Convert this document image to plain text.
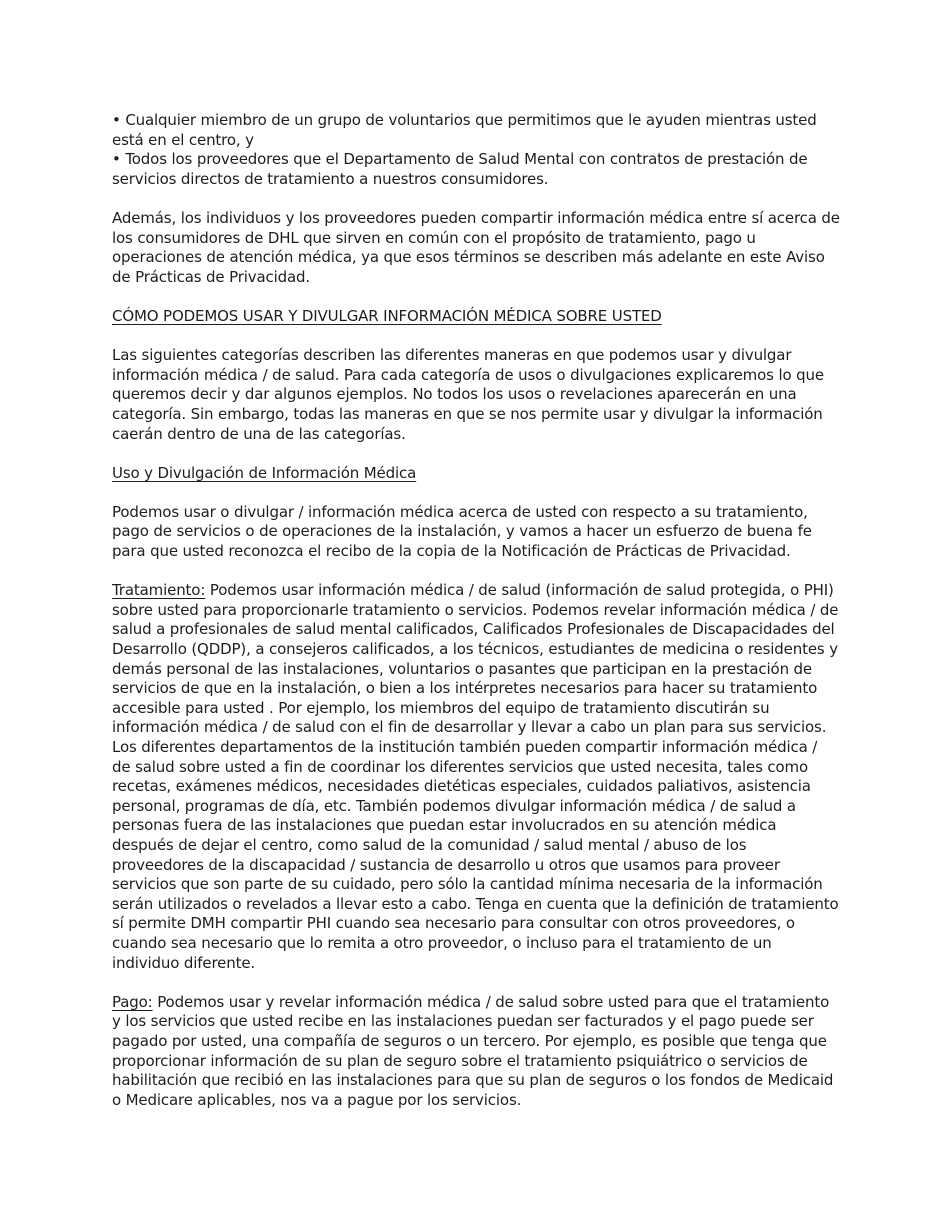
• Cualquier miembro de un grupo de voluntarios que permitimos que le ayuden mientras usted está en el centro, y

• Todos los proveedores que el Departamento de Salud Mental con contratos de prestación de servicios directos de tratamiento a nuestros consumidores.

Además, los individuos y los proveedores pueden compartir información médica entre sí acerca de los consumidores de DHL que sirven en común con el propósito de tratamiento, pago u operaciones de atención médica, ya que esos términos se describen más adelante en este Aviso de Prácticas de Privacidad.

CÓMO PODEMOS USAR Y DIVULGAR INFORMACIÓN MÉDICA SOBRE USTED

Las siguientes categorías describen las diferentes maneras en que podemos usar y divulgar información médica / de salud. Para cada categoría de usos o divulgaciones explicaremos lo que queremos decir y dar algunos ejemplos. No todos los usos o revelaciones aparecerán en una categoría. Sin embargo, todas las maneras en que se nos permite usar y divulgar la información caerán dentro de una de las categorías.

Uso y Divulgación de Información Médica

Podemos usar o divulgar / información médica acerca de usted con respecto a su tratamiento, pago de servicios o de operaciones de la instalación, y vamos a hacer un esfuerzo de buena fe para que usted reconozca el recibo de la copia de la Notificación de Prácticas de Privacidad.

Tratamiento: Podemos usar información médica / de salud (información de salud protegida, o PHI) sobre usted para proporcionarle tratamiento o servicios. Podemos revelar información médica / de salud a profesionales de salud mental calificados, Calificados Profesionales de Discapacidades del Desarrollo (QDDP), a consejeros calificados, a los técnicos, estudiantes de medicina o residentes y demás personal de las instalaciones, voluntarios o pasantes que participan en la prestación de servicios de que en la instalación, o bien a los intérpretes necesarios para hacer su tratamiento accesible para usted . Por ejemplo, los miembros del equipo de tratamiento discutirán su información médica / de salud con el fin de desarrollar y llevar a cabo un plan para sus servicios. Los diferentes departamentos de la institución también pueden compartir información médica / de salud sobre usted a fin de coordinar los diferentes servicios que usted necesita, tales como recetas, exámenes médicos, necesidades dietéticas especiales, cuidados paliativos, asistencia personal, programas de día, etc. También podemos divulgar información médica / de salud a personas fuera de las instalaciones que puedan estar involucrados en su atención médica después de dejar el centro, como salud de la comunidad / salud mental / abuso de los proveedores de la discapacidad / sustancia de desarrollo u otros que usamos para proveer servicios que son parte de su cuidado, pero sólo la cantidad mínima necesaria de la información serán utilizados o revelados a llevar esto a cabo. Tenga en cuenta que la definición de tratamiento sí permite DMH compartir PHI cuando sea necesario para consultar con otros proveedores, o cuando sea necesario que lo remita a otro proveedor, o incluso para el tratamiento de un individuo diferente.

Pago: Podemos usar y revelar información médica / de salud sobre usted para que el tratamiento y los servicios que usted recibe en las instalaciones puedan ser facturados y el pago puede ser pagado por usted, una compañía de seguros o un tercero. Por ejemplo, es posible que tenga que proporcionar información de su plan de seguro sobre el tratamiento psiquiátrico o servicios de habilitación que recibió en las instalaciones para que su plan de seguros o los fondos de Medicaid o Medicare aplicables, nos va a pague por los servicios.
